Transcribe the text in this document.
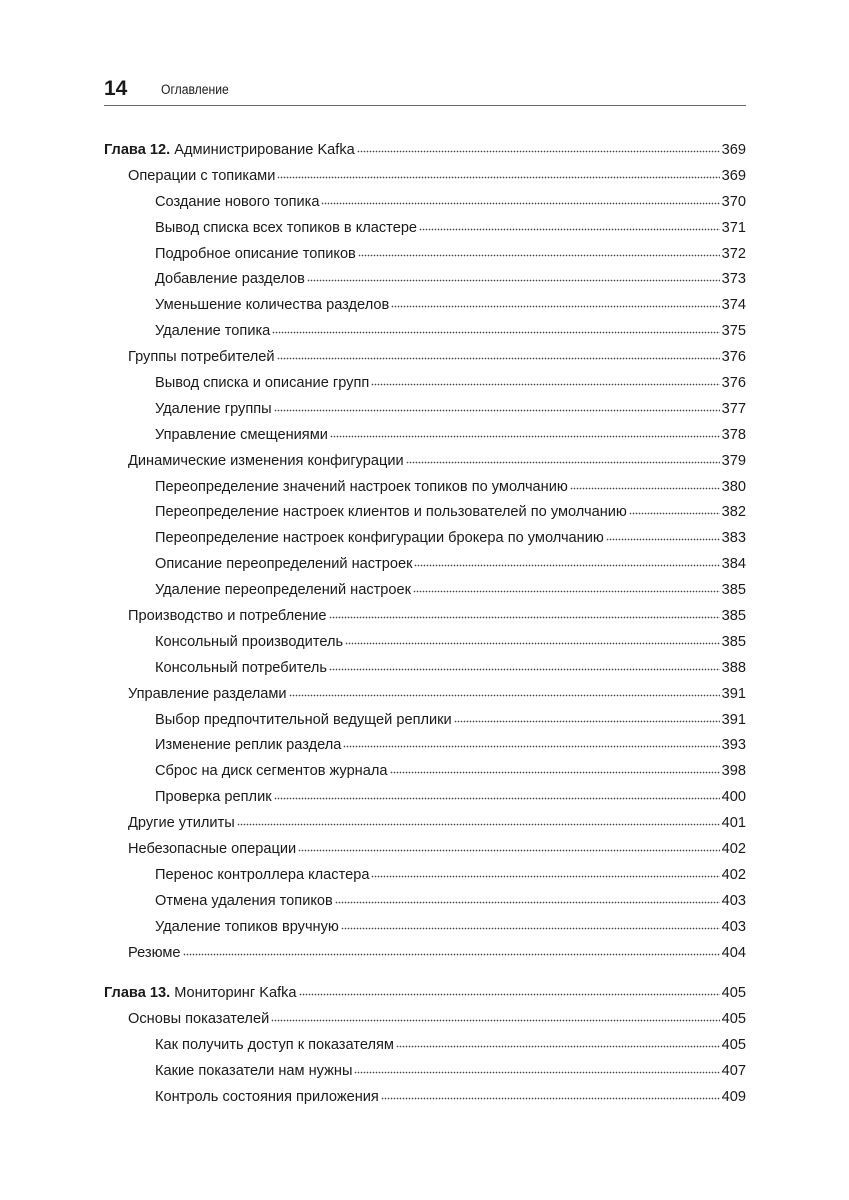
14 Оглавление
Глава 12. Администрирование Kafka	369
Операции с топиками	369
Создание нового топика	370
Вывод списка всех топиков в кластере	371
Подробное описание топиков	372
Добавление разделов	373
Уменьшение количества разделов	374
Удаление топика	375
Группы потребителей	376
Вывод списка и описание групп	376
Удаление группы	377
Управление смещениями	378
Динамические изменения конфигурации	379
Переопределение значений настроек топиков по умолчанию	380
Переопределение настроек клиентов и пользователей по умолчанию	382
Переопределение настроек конфигурации брокера по умолчанию	383
Описание переопределений настроек	384
Удаление переопределений настроек	385
Производство и потребление	385
Консольный производитель	385
Консольный потребитель	388
Управление разделами	391
Выбор предпочтительной ведущей реплики	391
Изменение реплик раздела	393
Сброс на диск сегментов журнала	398
Проверка реплик	400
Другие утилиты	401
Небезопасные операции	402
Перенос контроллера кластера	402
Отмена удаления топиков	403
Удаление топиков вручную	403
Резюме	404
Глава 13. Мониторинг Kafka	405
Основы показателей	405
Как получить доступ к показателям	405
Какие показатели нам нужны	407
Контроль состояния приложения	409
